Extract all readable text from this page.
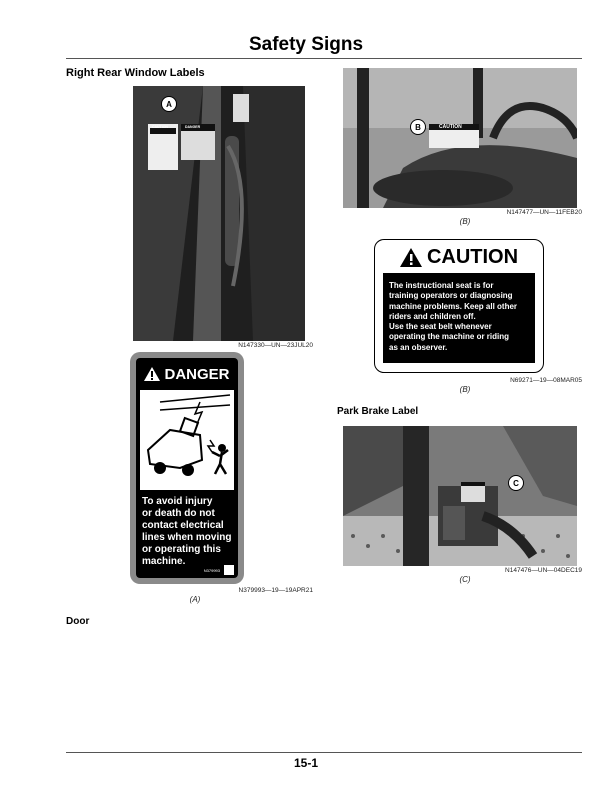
Safety Signs
Right Rear Window Labels
CAUTION	DANGER
A
N147330—UN—23JUL20
DANGER
To avoid injury
or death do not
contact electrical
lines when moving
or operating this
machine.
N379993
N379993—19—19APR21
(A)
Door
CAUTION
B
N147477—UN—11FEB20
(B)
CAUTION
The instructional seat is for
training operators or diagnosing
machine problems. Keep all other
riders and children off.
Use the seat belt whenever
operating the machine or riding
as an observer.
N69271—19—08MAR05
(B)
Park Brake Label
C
N147476—UN—04DEC19
(C)
15-1
